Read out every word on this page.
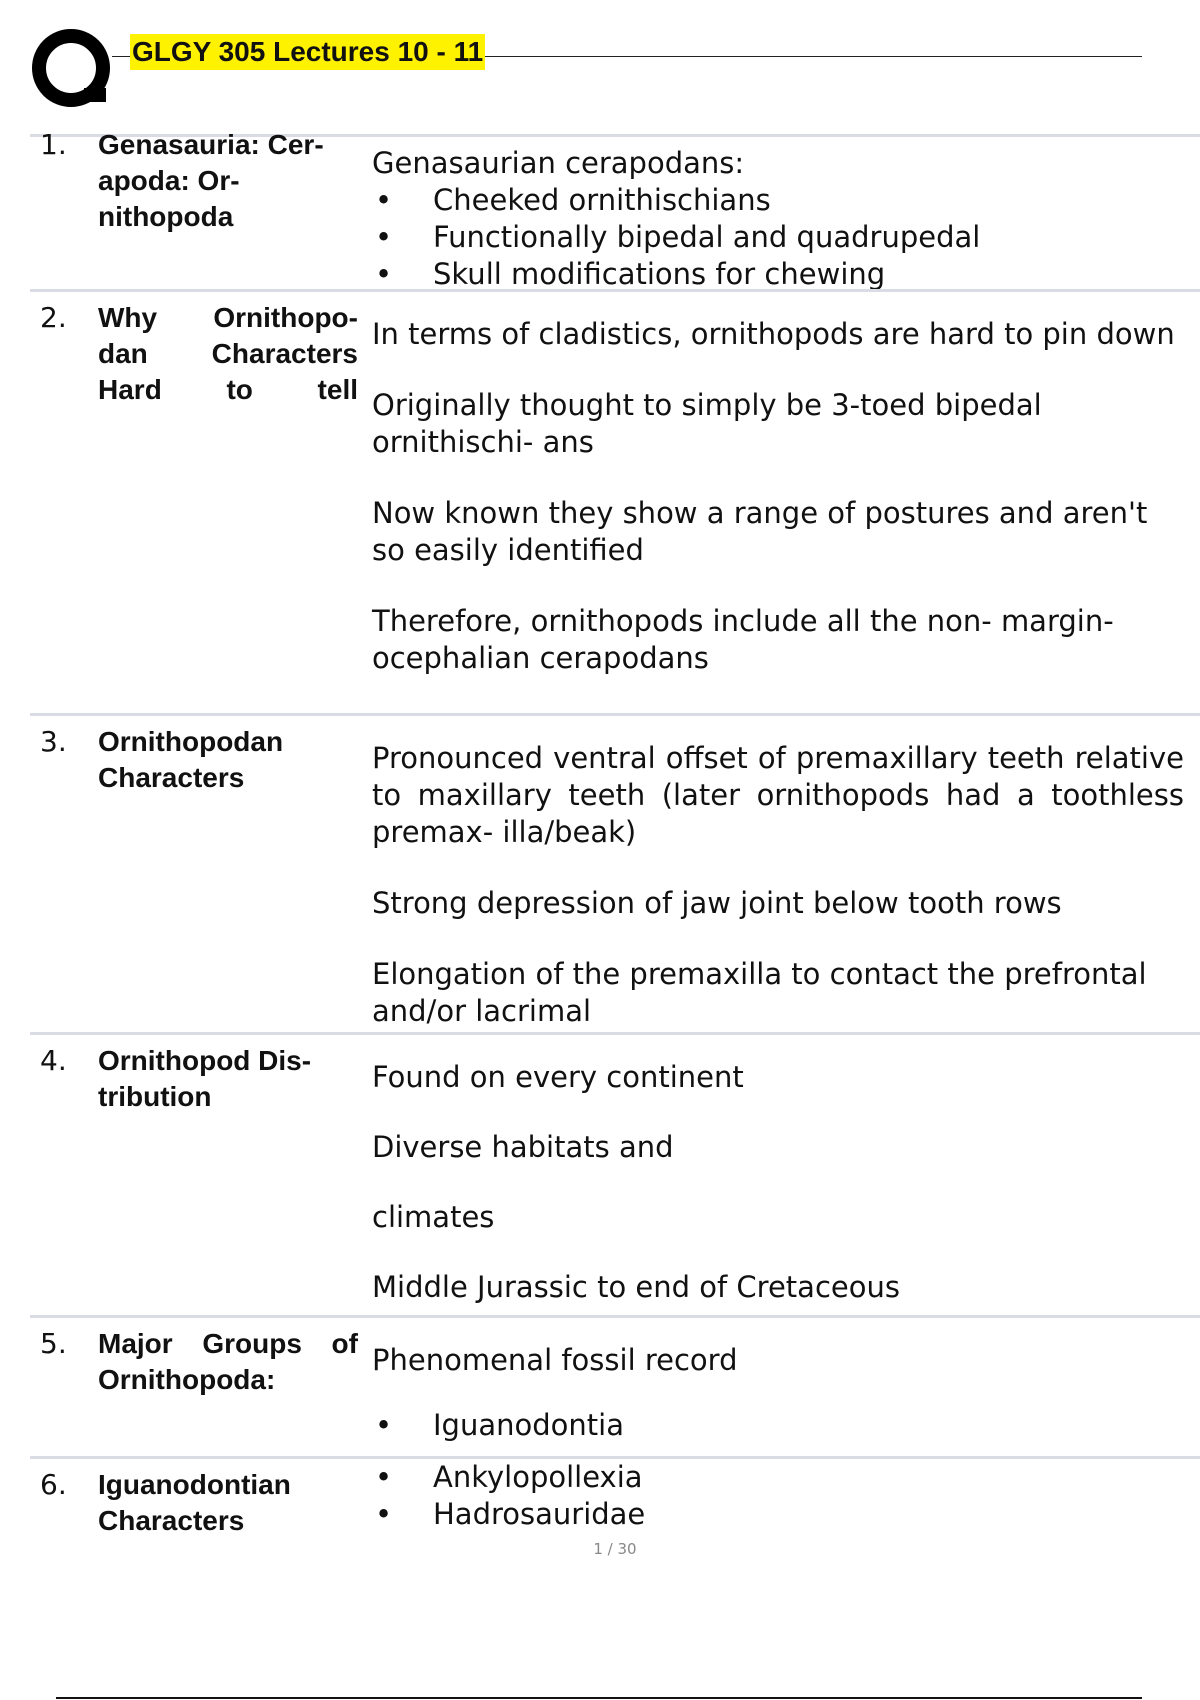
GLGY 305 Lectures 10 - 11
1.	Genasauria: Cer- apoda: Or- nithopoda

Genasaurian cerapodans:

• Cheeked ornithischians
• Functionally bipedal and quadrupedal
• Skull modifications for chewing
2.	Why Ornithopo- dan Characters Hard to tell

In terms of cladistics, ornithopods are hard to pin down

Originally thought to simply be 3-toed bipedal ornithischi- ans

Now known they show a range of postures and aren't so easily identified

Therefore, ornithopods include all the non- margin- ocephalian cerapodans

3.	Ornithopodan Characters

Pronounced ventral offset of premaxillary teeth relative to maxillary teeth (later ornithopods had a toothless premax- illa/beak)

Strong depression of jaw joint below tooth rows

Elongation of the premaxilla to contact the prefrontal and/or lacrimal

4.	Ornithopod Dis- tribution

Found on every continent

Diverse habitats and

climates

Middle Jurassic to end of Cretaceous

5.	Major Groups of Ornithopoda:

Phenomenal fossil record

• Iguanodontia
6.	Iguanodontian Characters
• Ankylopollexia
• Hadrosauridae
1 / 30
